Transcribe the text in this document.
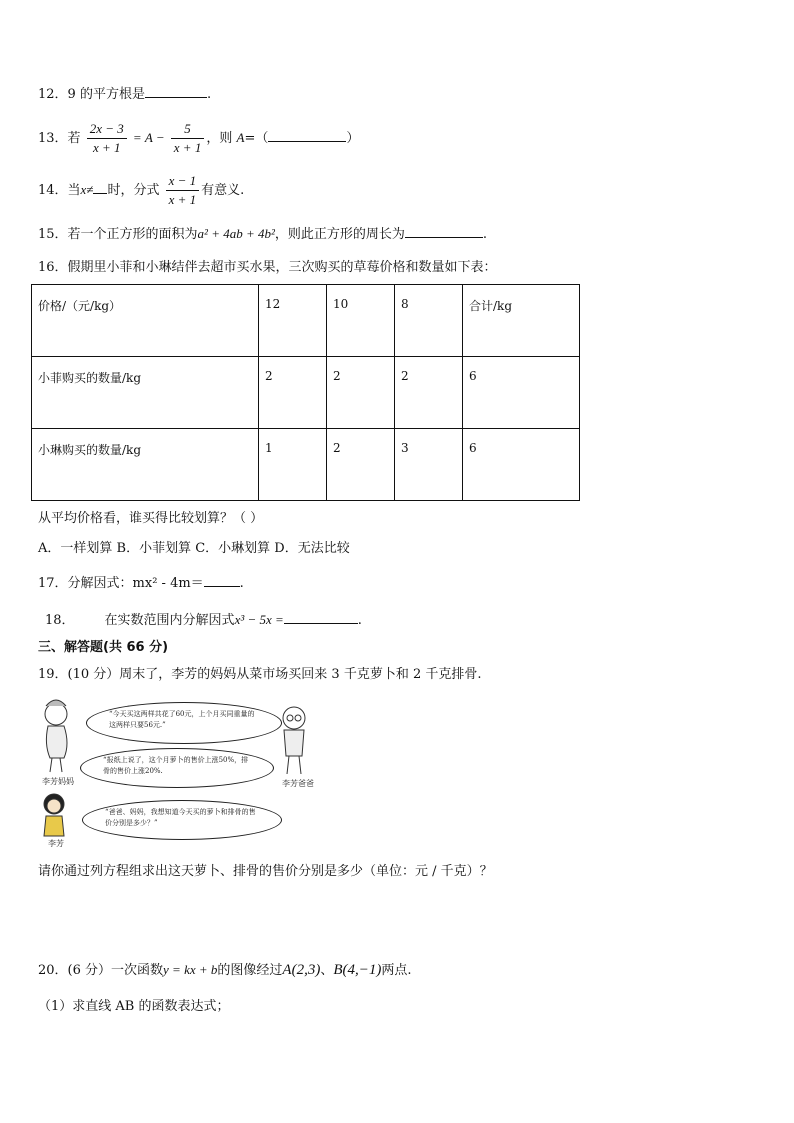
12．9 的平方根是	.
13．若 $\frac{2x - 3}{x + 1} = A - \frac{5}{x + 1}$ ，则 A=（	）
14．当x≠ 时，分式 $\frac{x - 1}{x + 1}$ 有意义.
15．若一个正方形的面积为a² + 4ab + 4b²，则此正方形的周长为	.
16．假期里小菲和小琳结伴去超市买水果，三次购买的草莓价格和数量如下表：
价格/（元/kg）	12	10	8	合计/kg
小菲购买的数量/kg	2	2	2	6
小琳购买的数量/kg	1	2	3	6
从平均价格看，谁买得比较划算？（ ）
A．一样划算 B．小菲划算 C．小琳划算 D．无法比较
17．分解因式：mx² - 4m＝	.
18． 在实数范围内分解因式x³ − 5x =	.
三、解答题(共 66 分)
19．(10 分）周末了，李芳的妈妈从菜市场买回来 3 千克萝卜和 2 千克排骨.
“今天买这两样共花了60元，上个月买同重量的这两样只要56元.”
“报纸上说了，这个月萝卜的售价上涨50%，排骨的售价上涨20%.
“爸爸、妈妈，我想知道今天买的萝卜和排骨的售价分别是多少？”
李芳妈妈	李芳爸爸
李芳
请你通过列方程组求出这天萝卜、排骨的售价分别是多少（单位：元 / 千克）？
20．(6 分）一次函数y = kx + b的图像经过A(2,3)、B(4,−1)两点.
（1）求直线 AB 的函数表达式；
